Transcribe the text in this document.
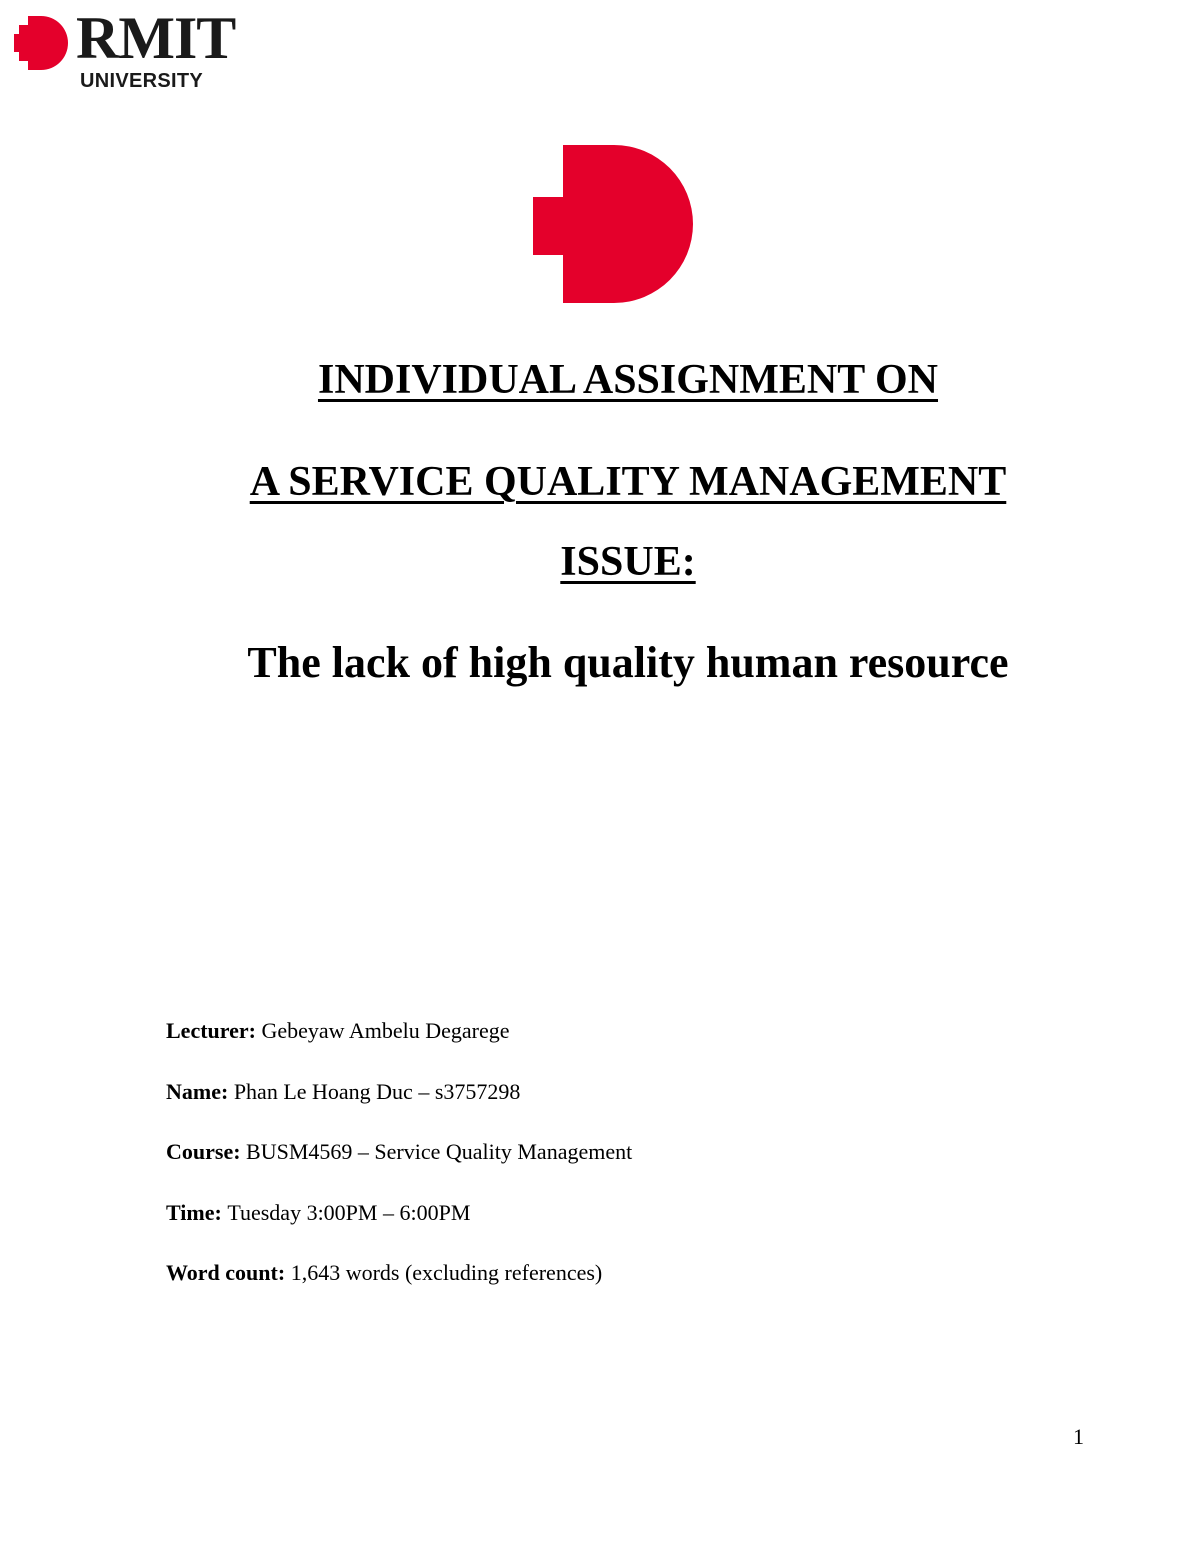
RMIT
UNIVERSITY
INDIVIDUAL ASSIGNMENT ON
A SERVICE QUALITY MANAGEMENT
ISSUE:
The lack of high quality human resource
Lecturer: Gebeyaw Ambelu Degarege
Name: Phan Le Hoang Duc – s3757298
Course: BUSM4569 – Service Quality Management
Time: Tuesday 3:00PM – 6:00PM
Word count: 1,643 words (excluding references)
1
